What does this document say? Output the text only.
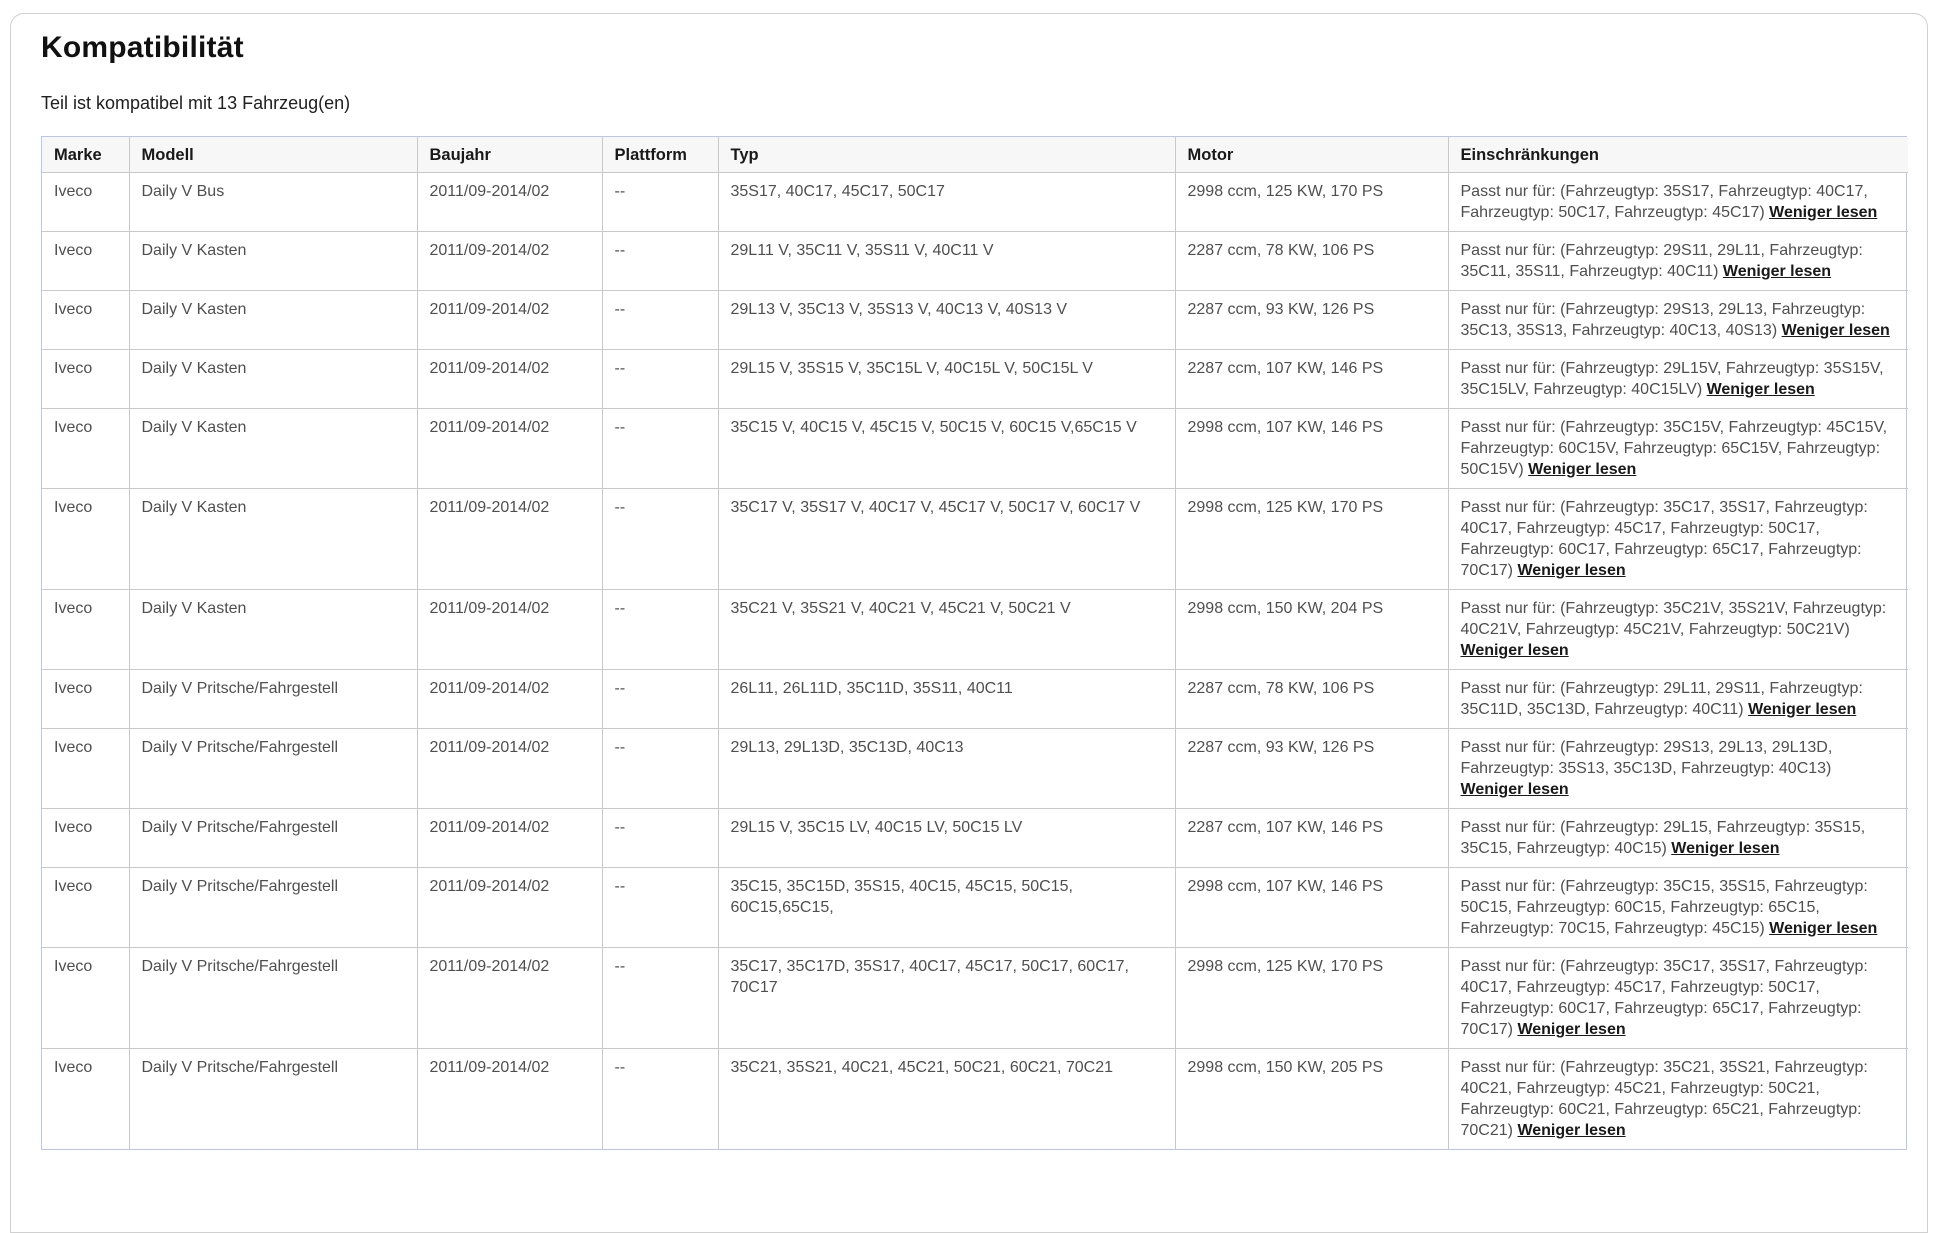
Kompatibilität

Teil ist kompatibel mit 13 Fahrzeug(en)

Marke	Modell	Baujahr	Plattform	Typ	Motor	Einschränkungen
Iveco	Daily V Bus	2011/09-2014/02	--	35S17, 40C17, 45C17, 50C17	2998 ccm, 125 KW, 170 PS	Passt nur für: (Fahrzeugtyp: 35S17, Fahrzeugtyp: 40C17, Fahrzeugtyp: 50C17, Fahrzeugtyp: 45C17) Weniger lesen
Iveco	Daily V Kasten	2011/09-2014/02	--	29L11 V, 35C11 V, 35S11 V, 40C11 V	2287 ccm, 78 KW, 106 PS	Passt nur für: (Fahrzeugtyp: 29S11, 29L11, Fahrzeugtyp: 35C11, 35S11, Fahrzeugtyp: 40C11) Weniger lesen
Iveco	Daily V Kasten	2011/09-2014/02	--	29L13 V, 35C13 V, 35S13 V, 40C13 V, 40S13 V	2287 ccm, 93 KW, 126 PS	Passt nur für: (Fahrzeugtyp: 29S13, 29L13, Fahrzeugtyp: 35C13, 35S13, Fahrzeugtyp: 40C13, 40S13) Weniger lesen
Iveco	Daily V Kasten	2011/09-2014/02	--	29L15 V, 35S15 V, 35C15L V, 40C15L V, 50C15L V	2287 ccm, 107 KW, 146 PS	Passt nur für: (Fahrzeugtyp: 29L15V, Fahrzeugtyp: 35S15V, 35C15LV, Fahrzeugtyp: 40C15LV) Weniger lesen
Iveco	Daily V Kasten	2011/09-2014/02	--	35C15 V, 40C15 V, 45C15 V, 50C15 V, 60C15 V,65C15 V	2998 ccm, 107 KW, 146 PS	Passt nur für: (Fahrzeugtyp: 35C15V, Fahrzeugtyp: 45C15V, Fahrzeugtyp: 60C15V, Fahrzeugtyp: 65C15V, Fahrzeugtyp: 50C15V) Weniger lesen
Iveco	Daily V Kasten	2011/09-2014/02	--	35C17 V, 35S17 V, 40C17 V, 45C17 V, 50C17 V, 60C17 V	2998 ccm, 125 KW, 170 PS	Passt nur für: (Fahrzeugtyp: 35C17, 35S17, Fahrzeugtyp: 40C17, Fahrzeugtyp: 45C17, Fahrzeugtyp: 50C17, Fahrzeugtyp: 60C17, Fahrzeugtyp: 65C17, Fahrzeugtyp: 70C17) Weniger lesen
Iveco	Daily V Kasten	2011/09-2014/02	--	35C21 V, 35S21 V, 40C21 V, 45C21 V, 50C21 V	2998 ccm, 150 KW, 204 PS	Passt nur für: (Fahrzeugtyp: 35C21V, 35S21V, Fahrzeugtyp: 40C21V, Fahrzeugtyp: 45C21V, Fahrzeugtyp: 50C21V) Weniger lesen
Iveco	Daily V Pritsche/Fahrgestell	2011/09-2014/02	--	26L11, 26L11D, 35C11D, 35S11, 40C11	2287 ccm, 78 KW, 106 PS	Passt nur für: (Fahrzeugtyp: 29L11, 29S11, Fahrzeugtyp: 35C11D, 35C13D, Fahrzeugtyp: 40C11) Weniger lesen
Iveco	Daily V Pritsche/Fahrgestell	2011/09-2014/02	--	29L13, 29L13D, 35C13D, 40C13	2287 ccm, 93 KW, 126 PS	Passt nur für: (Fahrzeugtyp: 29S13, 29L13, 29L13D, Fahrzeugtyp: 35S13, 35C13D, Fahrzeugtyp: 40C13) Weniger lesen
Iveco	Daily V Pritsche/Fahrgestell	2011/09-2014/02	--	29L15 V, 35C15 LV, 40C15 LV, 50C15 LV	2287 ccm, 107 KW, 146 PS	Passt nur für: (Fahrzeugtyp: 29L15, Fahrzeugtyp: 35S15, 35C15, Fahrzeugtyp: 40C15) Weniger lesen
Iveco	Daily V Pritsche/Fahrgestell	2011/09-2014/02	--	35C15, 35C15D, 35S15, 40C15, 45C15, 50C15, 60C15,65C15,	2998 ccm, 107 KW, 146 PS	Passt nur für: (Fahrzeugtyp: 35C15, 35S15, Fahrzeugtyp: 50C15, Fahrzeugtyp: 60C15, Fahrzeugtyp: 65C15, Fahrzeugtyp: 70C15, Fahrzeugtyp: 45C15) Weniger lesen
Iveco	Daily V Pritsche/Fahrgestell	2011/09-2014/02	--	35C17, 35C17D, 35S17, 40C17, 45C17, 50C17, 60C17, 70C17	2998 ccm, 125 KW, 170 PS	Passt nur für: (Fahrzeugtyp: 35C17, 35S17, Fahrzeugtyp: 40C17, Fahrzeugtyp: 45C17, Fahrzeugtyp: 50C17, Fahrzeugtyp: 60C17, Fahrzeugtyp: 65C17, Fahrzeugtyp: 70C17) Weniger lesen
Iveco	Daily V Pritsche/Fahrgestell	2011/09-2014/02	--	35C21, 35S21, 40C21, 45C21, 50C21, 60C21, 70C21	2998 ccm, 150 KW, 205 PS	Passt nur für: (Fahrzeugtyp: 35C21, 35S21, Fahrzeugtyp: 40C21, Fahrzeugtyp: 45C21, Fahrzeugtyp: 50C21, Fahrzeugtyp: 60C21, Fahrzeugtyp: 65C21, Fahrzeugtyp: 70C21) Weniger lesen
